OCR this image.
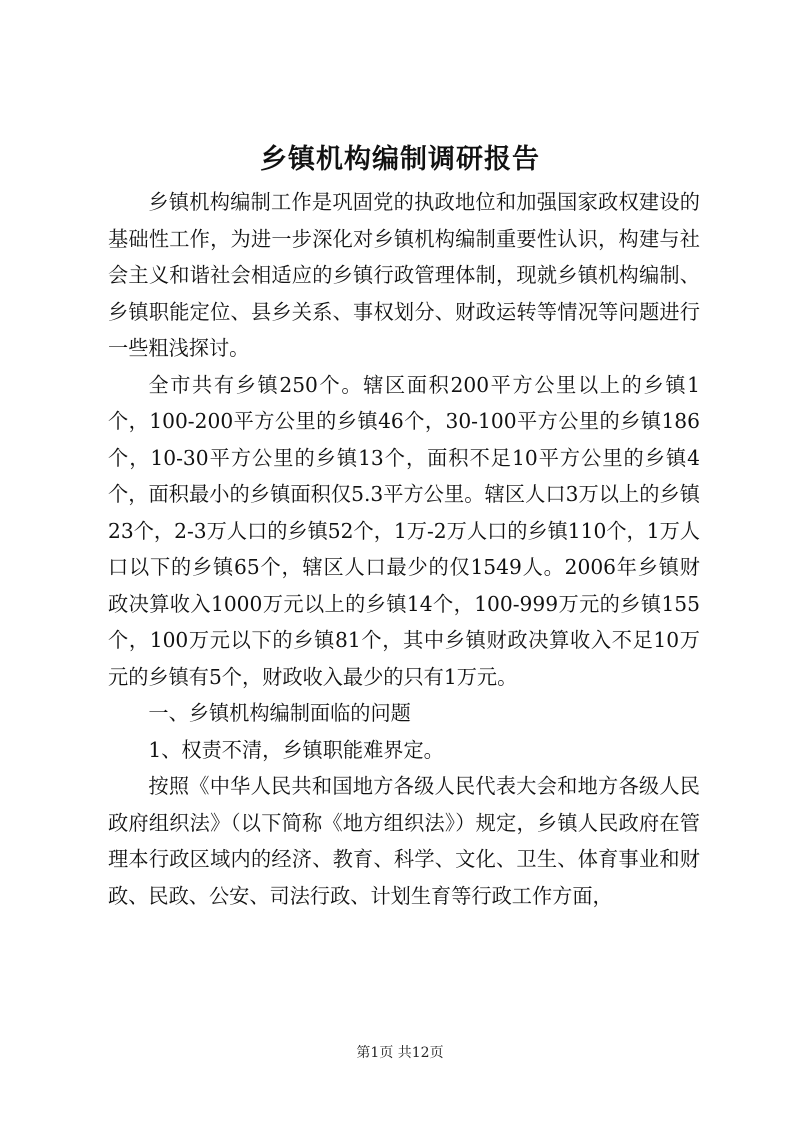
乡镇机构编制调研报告

乡镇机构编制工作是巩固党的执政地位和加强国家政权建设的基础性工作，为进一步深化对乡镇机构编制重要性认识，构建与社会主义和谐社会相适应的乡镇行政管理体制，现就乡镇机构编制、乡镇职能定位、县乡关系、事权划分、财政运转等情况等问题进行一些粗浅探讨。

全市共有乡镇250个。辖区面积200平方公里以上的乡镇1个，100-200平方公里的乡镇46个，30-100平方公里的乡镇186个，10-30平方公里的乡镇13个，面积不足10平方公里的乡镇4个，面积最小的乡镇面积仅5.3平方公里。辖区人口3万以上的乡镇23个，2-3万人口的乡镇52个，1万-2万人口的乡镇110个，1万人口以下的乡镇65个，辖区人口最少的仅1549人。2006年乡镇财政决算收入1000万元以上的乡镇14个，100-999万元的乡镇155个，100万元以下的乡镇81个，其中乡镇财政决算收入不足10万元的乡镇有5个，财政收入最少的只有1万元。

一、乡镇机构编制面临的问题

1、权责不清，乡镇职能难界定。

按照《中华人民共和国地方各级人民代表大会和地方各级人民政府组织法》（以下简称《地方组织法》）规定，乡镇人民政府在管理本行政区域内的经济、教育、科学、文化、卫生、体育事业和财政、民政、公安、司法行政、计划生育等行政工作方面，

第1页 共12页
